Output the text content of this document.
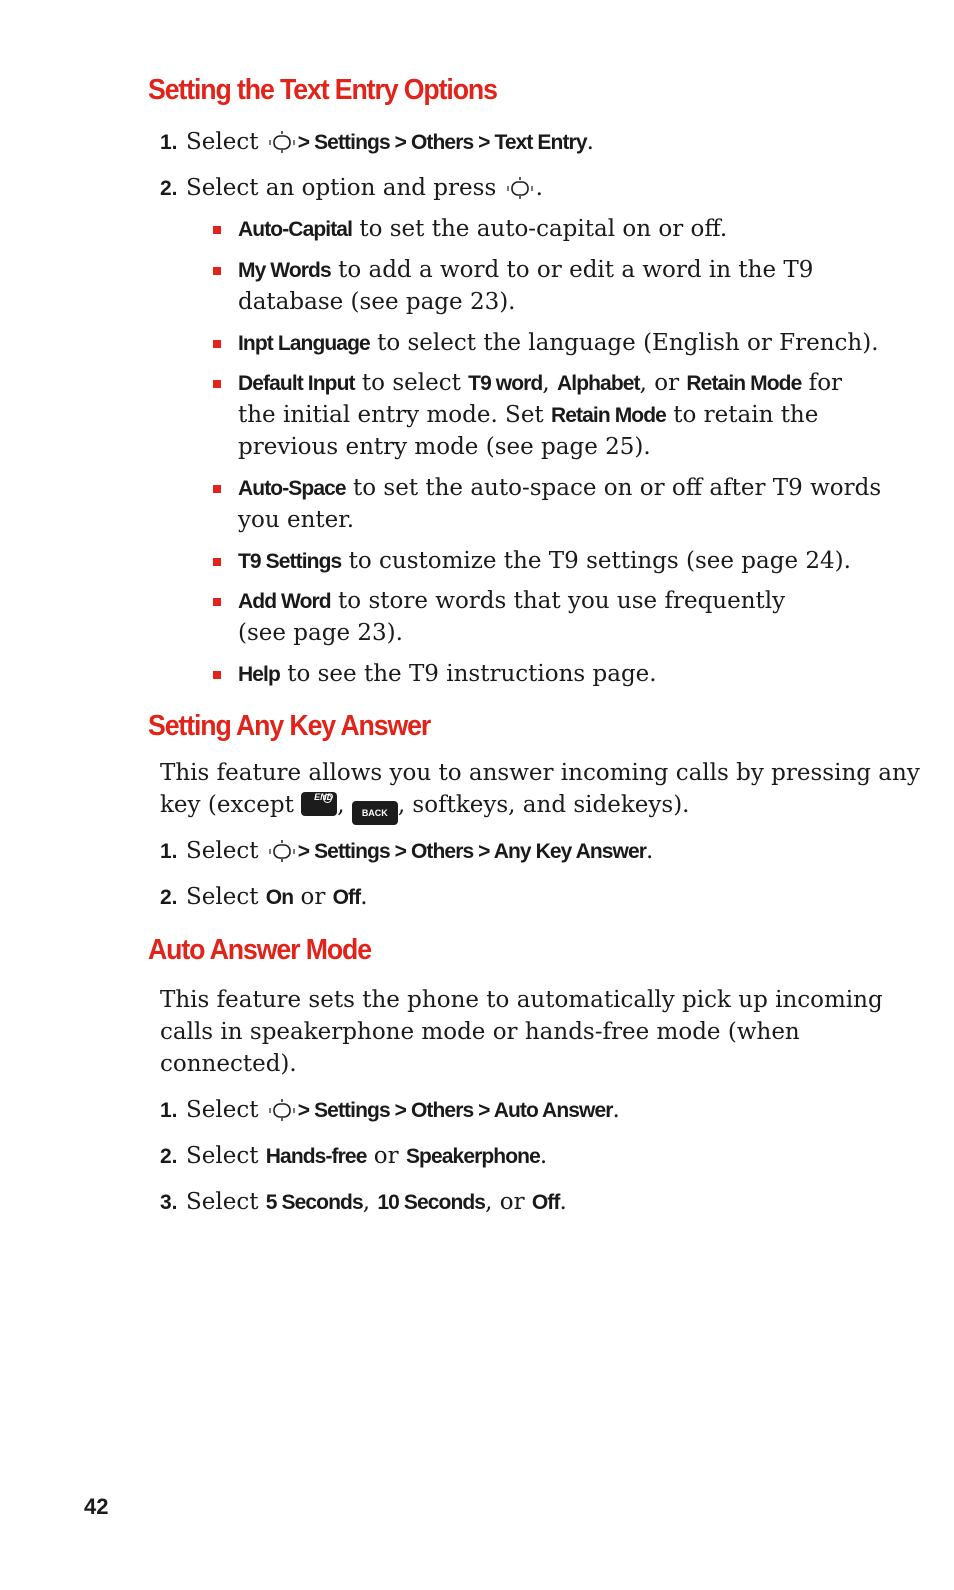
Setting the Text Entry Options

1. Select > Settings > Others > Text Entry.

2. Select an option and press .

Auto-Capital to set the auto-capital on or off.

My Words to add a word to or edit a word in the T9

database (see page 23).

Inpt Language to select the language (English or French).

Default Input to select T9 word, Alphabet, or Retain Mode for

the initial entry mode. Set Retain Mode to retain the

previous entry mode (see page 25).

Auto-Space to set the auto-space on or off after T9 words

you enter.

T9 Settings to customize the T9 settings (see page 24).

Add Word to store words that you use frequently

(see page 23).

Help to see the T9 instructions page.

Setting Any Key Answer

This feature allows you to answer incoming calls by pressing any

key (except END , BACK , softkeys, and sidekeys).

1. Select > Settings > Others > Any Key Answer.

2. Select On or Off.

Auto Answer Mode

This feature sets the phone to automatically pick up incoming

calls in speakerphone mode or hands-free mode (when

connected).

1. Select > Settings > Others > Auto Answer.

2. Select Hands-free or Speakerphone.

3. Select 5 Seconds, 10 Seconds, or Off.

42
